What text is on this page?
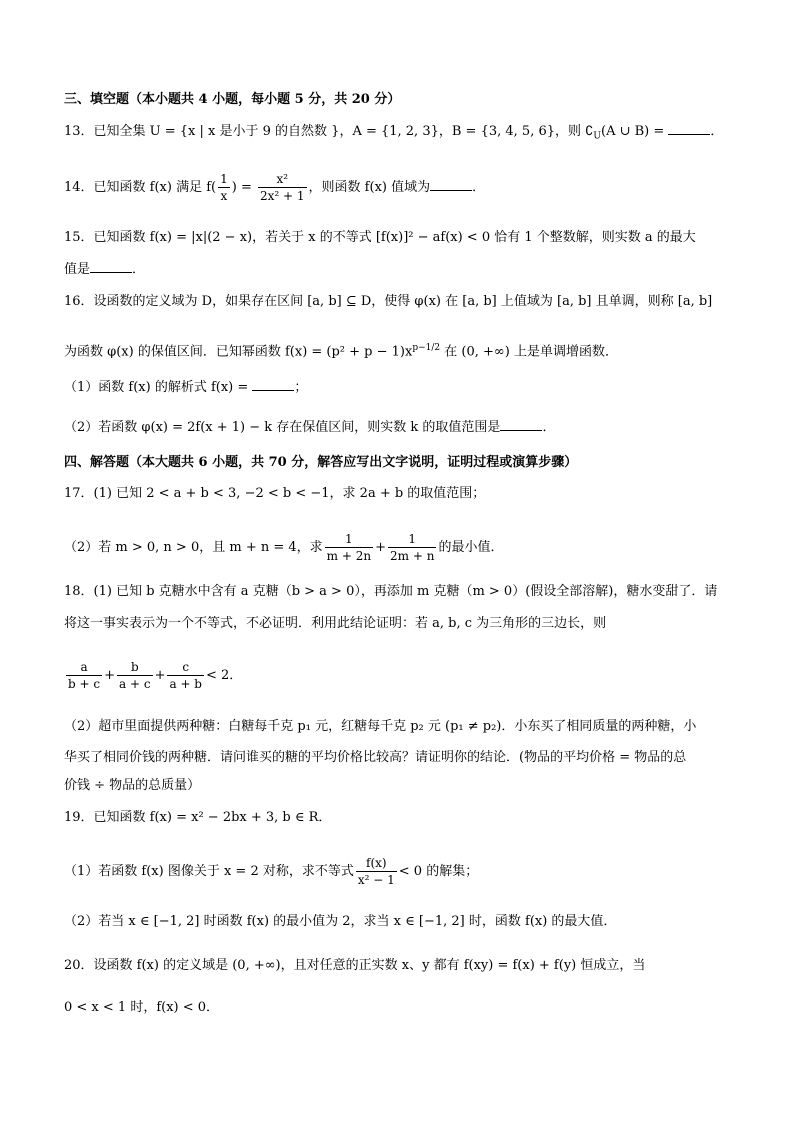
三、填空题（本小题共 4 小题，每小题 5 分，共 20 分）
13．已知全集 U = {x | x 是小于 9 的自然数 }，A = {1, 2, 3}，B = {3, 4, 5, 6}，则 $∁_U(A$ ∪ B) =	．
14．已知函数 f(x) 满足 $f( \frac{1}{x}$ ) = $\frac{\text{x²}}{\text{2x² + 1}}$ ，则函数 f(x) 值域为	．
15．已知函数 f(x) = |x|(2 − x)，若关于 x 的不等式 [f(x)]² − af(x) < 0 恰有 1 个整数解，则实数 a 的最大
值是	．
16．设函数的定义域为 D，如果存在区间 [a, b] ⊆ D，使得 φ(x) 在 [a, b] 上值域为 [a, b] 且单调，则称 [a, b]
为函数 φ(x) 的保值区间．已知幂函数 $f(x) = (p^2 + p - 1)x^{p-1/2}$ 在 (0, +∞) 上是单调增函数．
（1）函数 f(x) 的解析式 f(x) =	；
（2）若函数 φ(x) = 2f(x + 1) − k 存在保值区间，则实数 k 的取值范围是	．
四、解答题（本大题共 6 小题，共 70 分，解答应写出文字说明，证明过程或演算步骤）
17．(1) 已知 2 < a + b < 3, −2 < b < −1，求 2a + b 的取值范围；
（2）若 m > 0, n > 0，且 m + n = 4，求 $\frac{1}{m + 2n} + \frac{1}{2m + n}$ 的最小值．
18．(1) 已知 b 克糖水中含有 a 克糖（b > a > 0），再添加 m 克糖（m > 0）(假设全部溶解)，糖水变甜了．请
将这一事实表示为一个不等式，不必证明．利用此结论证明：若 a, b, c 为三角形的三边长，则
$\frac{a}{b + c} + \frac{b}{a + c} + \frac{c}{a + b} < 2$．
（2）超市里面提供两种糖：白糖每千克 p₁ 元，红糖每千克 p₂ 元 (p₁ ≠ p₂)．小东买了相同质量的两种糖，小
华买了相同价钱的两种糖．请问谁买的糖的平均价格比较高？请证明你的结论．(物品的平均价格 = 物品的总
价钱 ÷ 物品的总质量）
19．已知函数 f(x) = x² − 2bx + 3, b ∈ R．
（1）若函数 f(x) 图像关于 x = 2 对称，求不等式 $\frac{f(x)}{\text{x² − 1}} < 0$ 的解集；
（2）若当 x ∈ [−1, 2] 时函数 f(x) 的最小值为 2，求当 x ∈ [−1, 2] 时，函数 f(x) 的最大值．
20．设函数 f(x) 的定义域是 (0, +∞)，且对任意的正实数 x、y 都有 f(xy) = f(x) + f(y) 恒成立，当
0 < x < 1 时，f(x) < 0．
